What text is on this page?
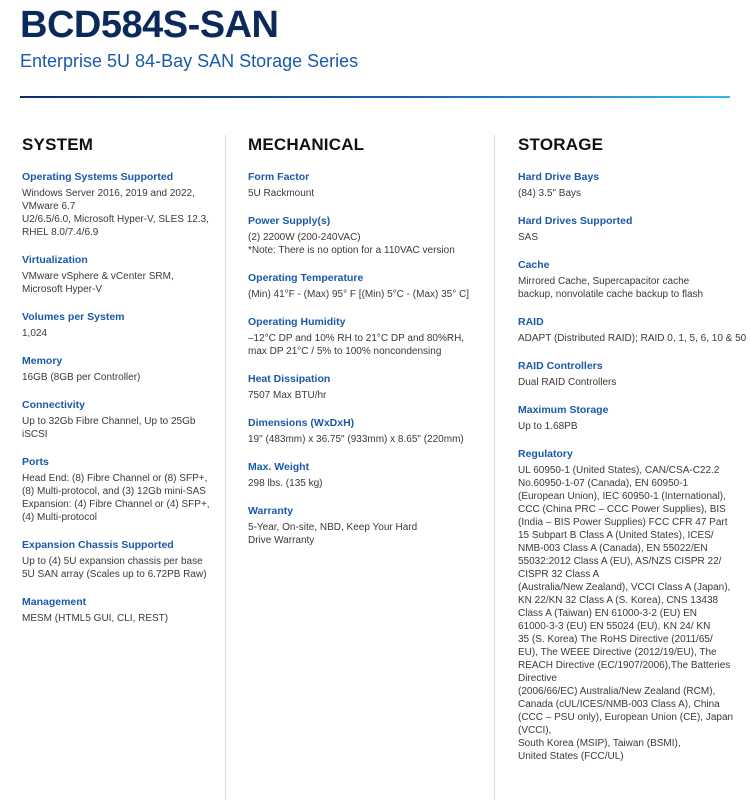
BCD584S-SAN
Enterprise 5U 84-Bay SAN Storage Series
SYSTEM
Operating Systems Supported
Windows Server 2016, 2019 and 2022,
VMware 6.7
U2/6.5/6.0, Microsoft Hyper-V, SLES 12.3,
RHEL 8.0/7.4/6.9
Virtualization
VMware vSphere & vCenter SRM,
Microsoft Hyper-V
Volumes per System
1,024
Memory
16GB (8GB per Controller)
Connectivity
Up to 32Gb Fibre Channel, Up to 25Gb
iSCSI
Ports
Head End: (8) Fibre Channel or (8) SFP+,
(8) Multi-protocol, and (3) 12Gb mini-SAS
Expansion: (4) Fibre Channel or (4) SFP+,
(4) Multi-protocol
Expansion Chassis Supported
Up to (4) 5U expansion chassis per base
5U SAN array (Scales up to 6.72PB Raw)
Management
MESM (HTML5 GUI, CLI, REST)
MECHANICAL
Form Factor
5U Rackmount
Power Supply(s)
(2) 2200W (200-240VAC)
*Note: There is no option for a 110VAC version
Operating Temperature
(Min) 41°F - (Max) 95° F [(Min) 5°C - (Max) 35° C]
Operating Humidity
–12°C DP and 10% RH to 21°C DP and 80%RH,
max DP 21°C / 5% to 100% noncondensing
Heat Dissipation
7507 Max BTU/hr
Dimensions (WxDxH)
19" (483mm) x 36.75" (933mm) x 8.65" (220mm)
Max. Weight
298 lbs. (135 kg)
Warranty
5-Year, On-site, NBD, Keep Your Hard
Drive Warranty
STORAGE
Hard Drive Bays
(84) 3.5" Bays
Hard Drives Supported
SAS
Cache
Mirrored Cache, Supercapacitor cache
backup, nonvolatile cache backup to flash
RAID
ADAPT (Distributed RAID); RAID 0, 1, 5, 6, 10 & 50
RAID Controllers
Dual RAID Controllers
Maximum Storage
Up to 1.68PB
Regulatory
UL 60950-1 (United States), CAN/CSA-C22.2
No.60950-1-07 (Canada), EN 60950-1
(European Union), IEC 60950-1 (International),
CCC (China PRC – CCC Power Supplies), BIS
(India – BIS Power Supplies) FCC CFR 47 Part
15 Subpart B Class A (United States), ICES/
NMB-003 Class A (Canada), EN 55022/EN
55032:2012 Class A (EU), AS/NZS CISPR 22/
CISPR 32 Class A
(Australia/New Zealand), VCCI Class A (Japan),
KN 22/KN 32 Class A (S. Korea), CNS 13438
Class A (Taiwan) EN 61000-3-2 (EU) EN
61000-3-3 (EU) EN 55024 (EU), KN 24/ KN
35 (S. Korea) The RoHS Directive (2011/65/
EU), The WEEE Directive (2012/19/EU), The
REACH Directive (EC/1907/2006),The Batteries
Directive
(2006/66/EC) Australia/New Zealand (RCM),
Canada (cUL/ICES/NMB-003 Class A), China
(CCC – PSU only), European Union (CE), Japan
(VCCI),
South Korea (MSIP), Taiwan (BSMI),
United States (FCC/UL)
